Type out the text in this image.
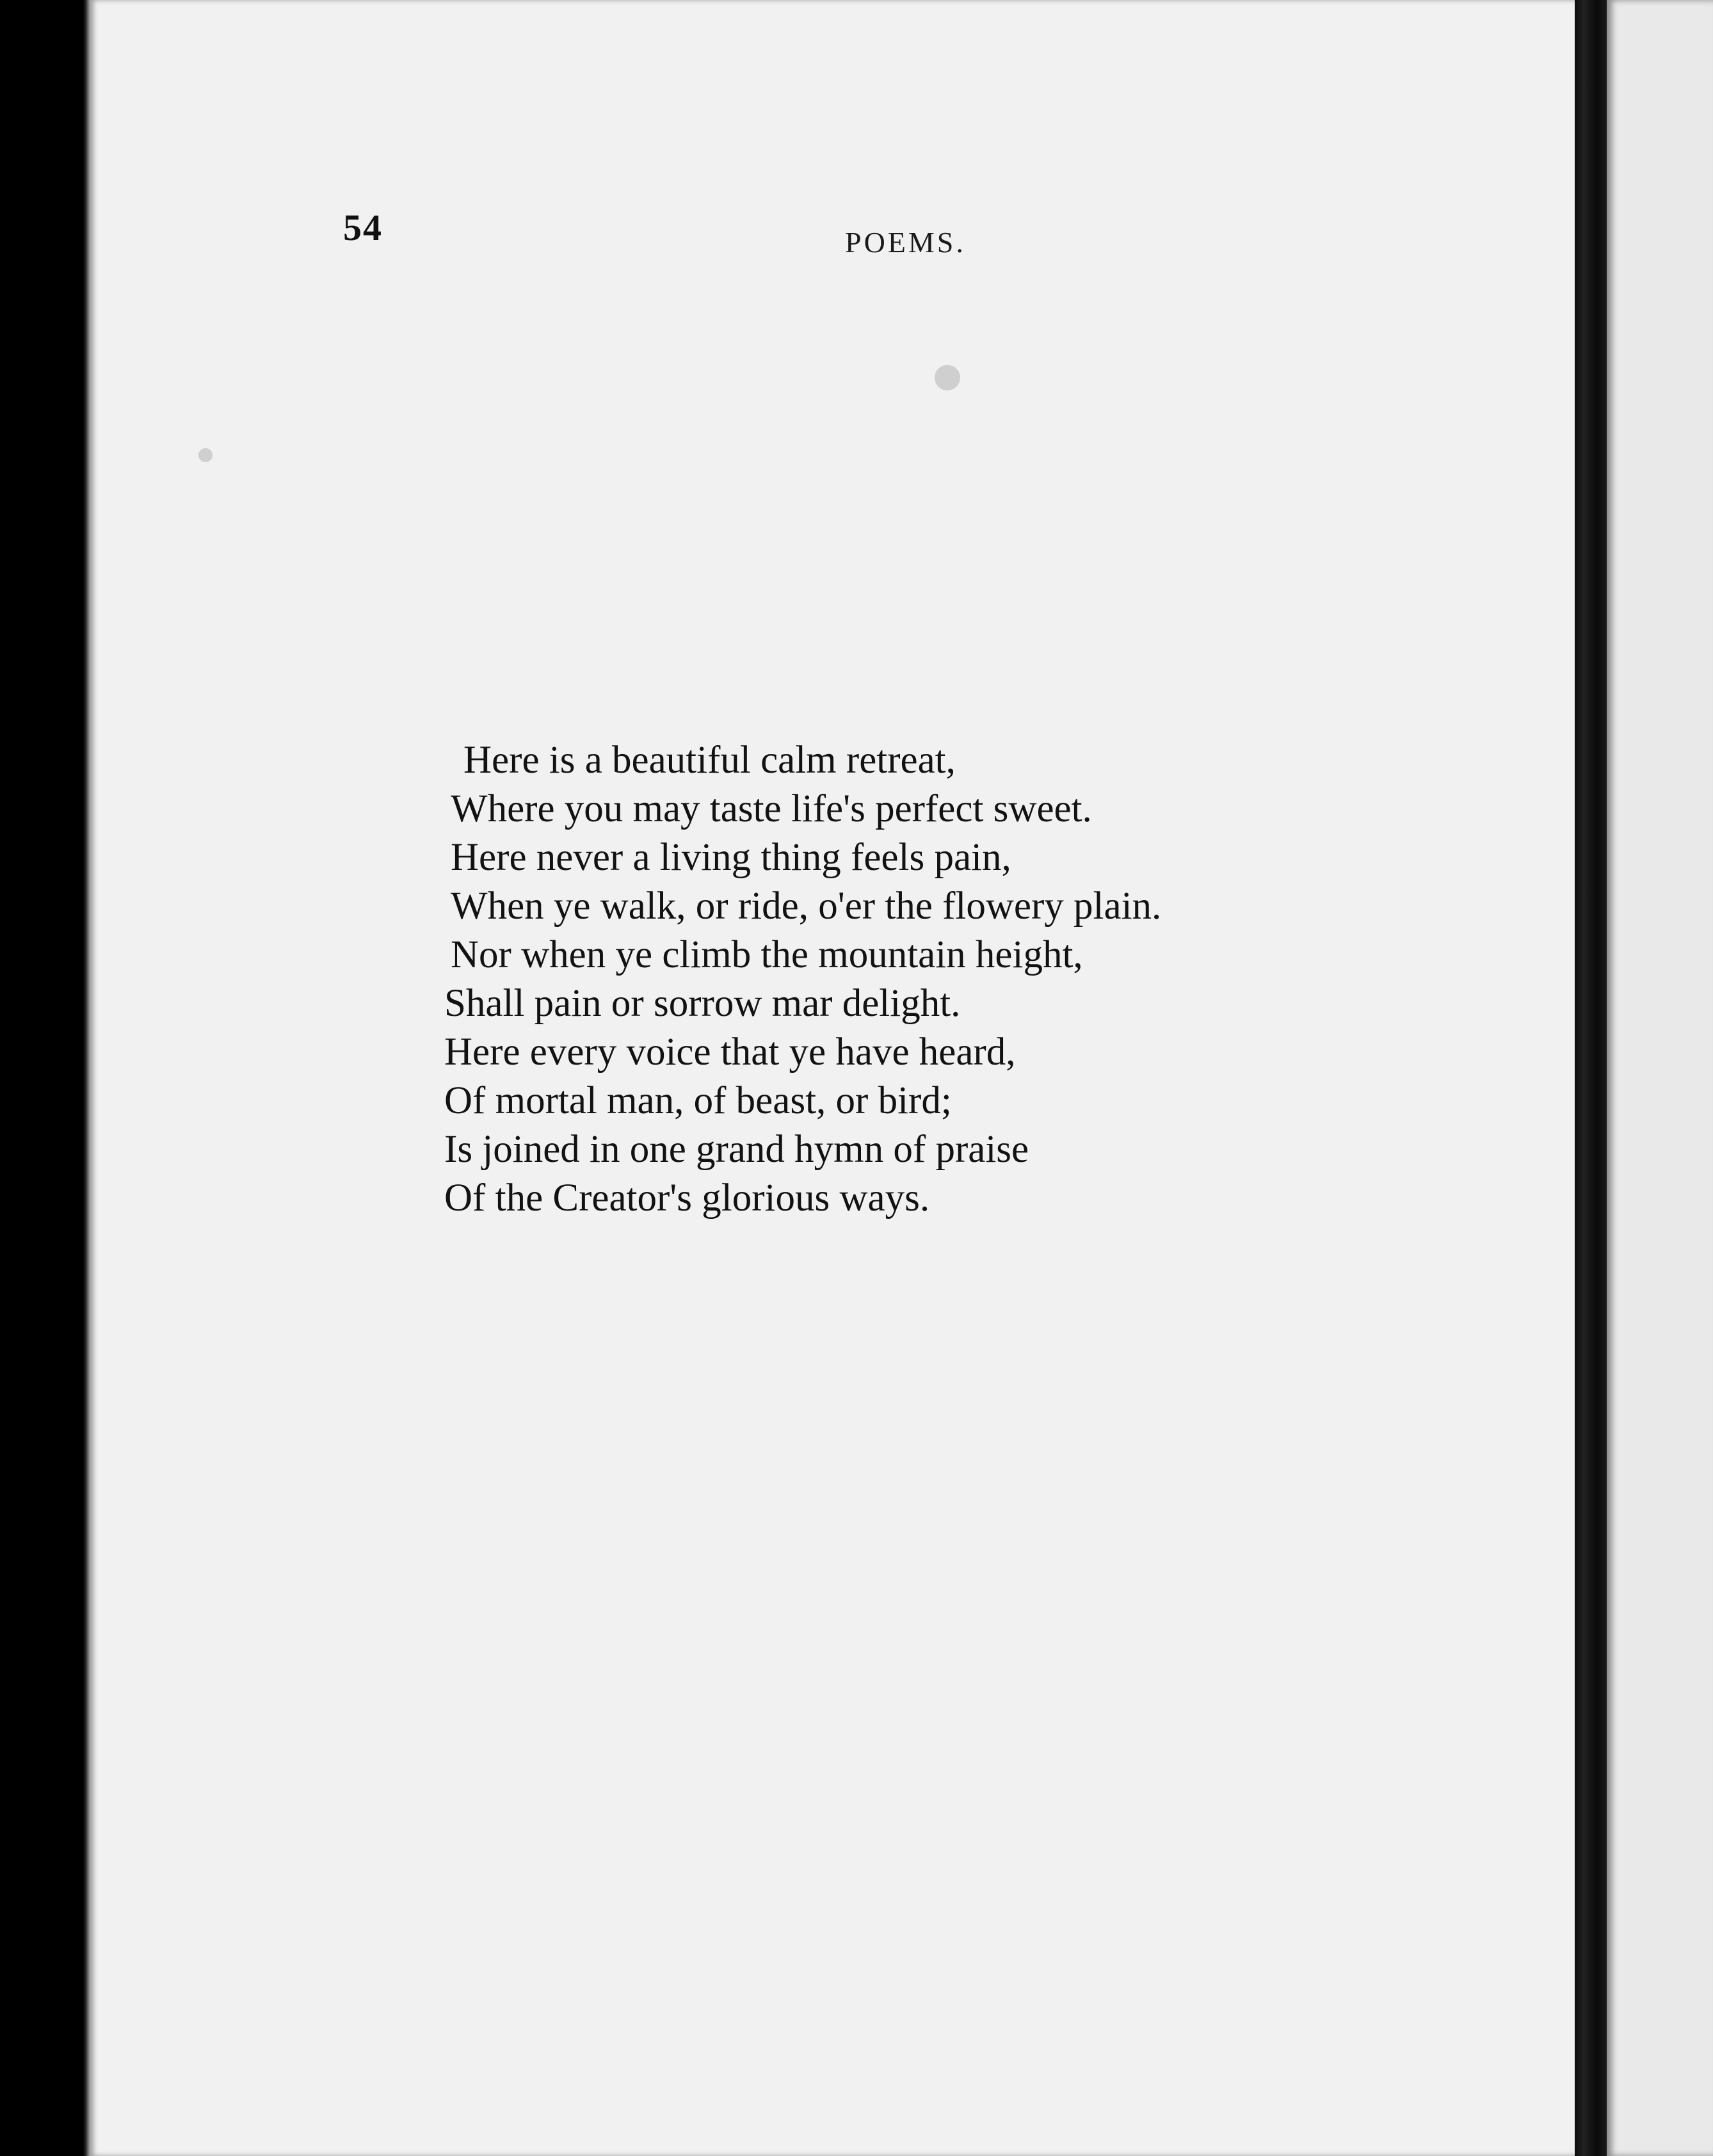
54	POEMS.
Here is a beautiful calm retreat,
Where you may taste life's perfect sweet.
Here never a living thing feels pain,
When ye walk, or ride, o'er the flowery plain.
Nor when ye climb the mountain height,
Shall pain or sorrow mar delight.
Here every voice that ye have heard,
Of mortal man, of beast, or bird;
Is joined in one grand hymn of praise
Of the Creator's glorious ways.
